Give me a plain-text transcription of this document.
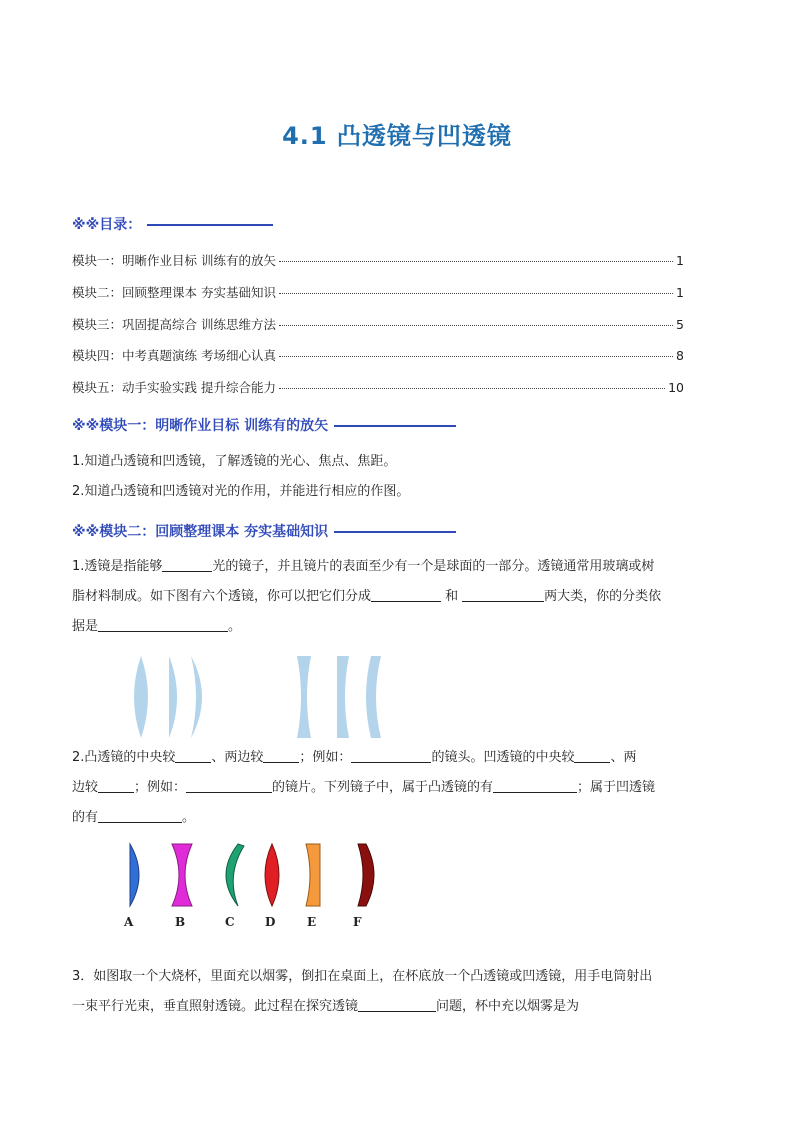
4.1 凸透镜与凹透镜
※※目录：
模块一：明晰作业目标 训练有的放矢	1
模块二：回顾整理课本 夯实基础知识	1
模块三：巩固提高综合 训练思维方法	5
模块四：中考真题演练 考场细心认真	8
模块五：动手实验实践 提升综合能力	10
※※模块一：明晰作业目标 训练有的放矢
1.知道凸透镜和凹透镜，了解透镜的光心、焦点、焦距。
2.知道凸透镜和凹透镜对光的作用，并能进行相应的作图。
※※模块二：回顾整理课本 夯实基础知识
1.透镜是指能够	光的镜子，并且镜片的表面至少有一个是球面的一部分。透镜通常用玻璃或树
脂材料制成。如下图有六个透镜，你可以把它们分成	和	两大类，你的分类依
据是	。
2.凸透镜的中央较	、两边较	；例如：	的镜头。凹透镜的中央较	、两
边较	；例如：	的镜片。下列镜子中，属于凸透镜的有	；属于凹透镜
的有	。
A	B	C	D	E	F
3．如图取一个大烧杯，里面充以烟雾，倒扣在桌面上，在杯底放一个凸透镜或凹透镜，用手电筒射出
一束平行光束，垂直照射透镜。此过程在探究透镜	问题，杯中充以烟雾是为
